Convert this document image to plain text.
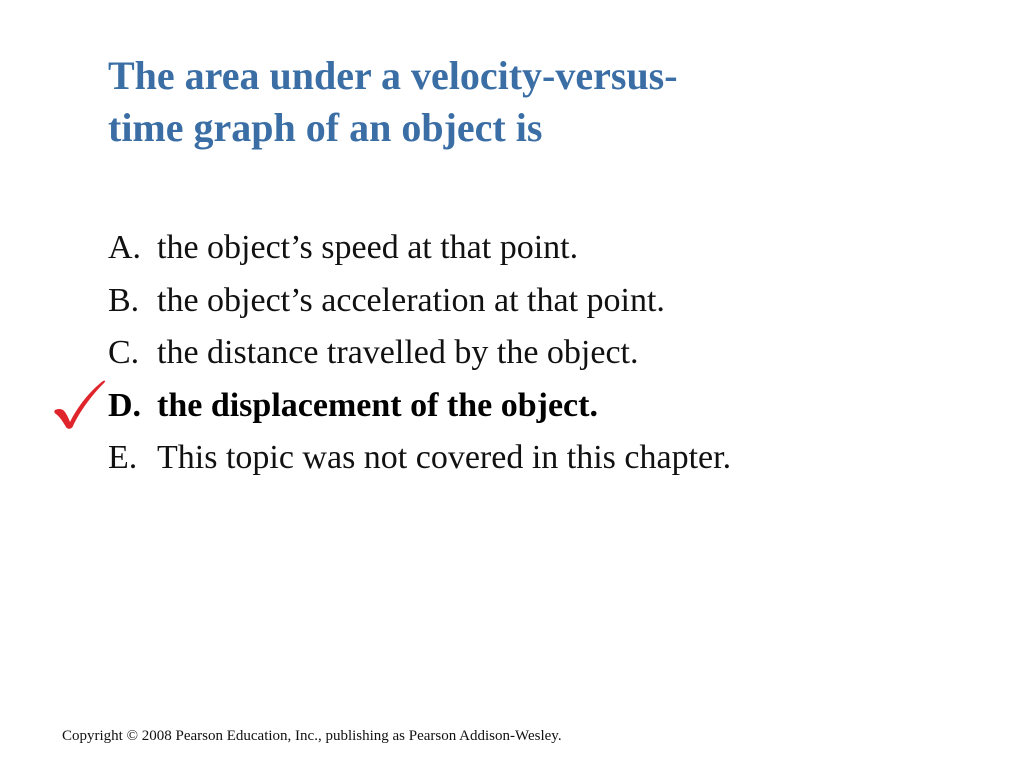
The area under a velocity-versus-
time graph of an object is
A. the object’s speed at that point.
B. the object’s acceleration at that point.
C. the distance travelled by the object.
D. the displacement of the object.
E. This topic was not covered in this chapter.
Copyright © 2008 Pearson Education, Inc., publishing as Pearson Addison-Wesley.
